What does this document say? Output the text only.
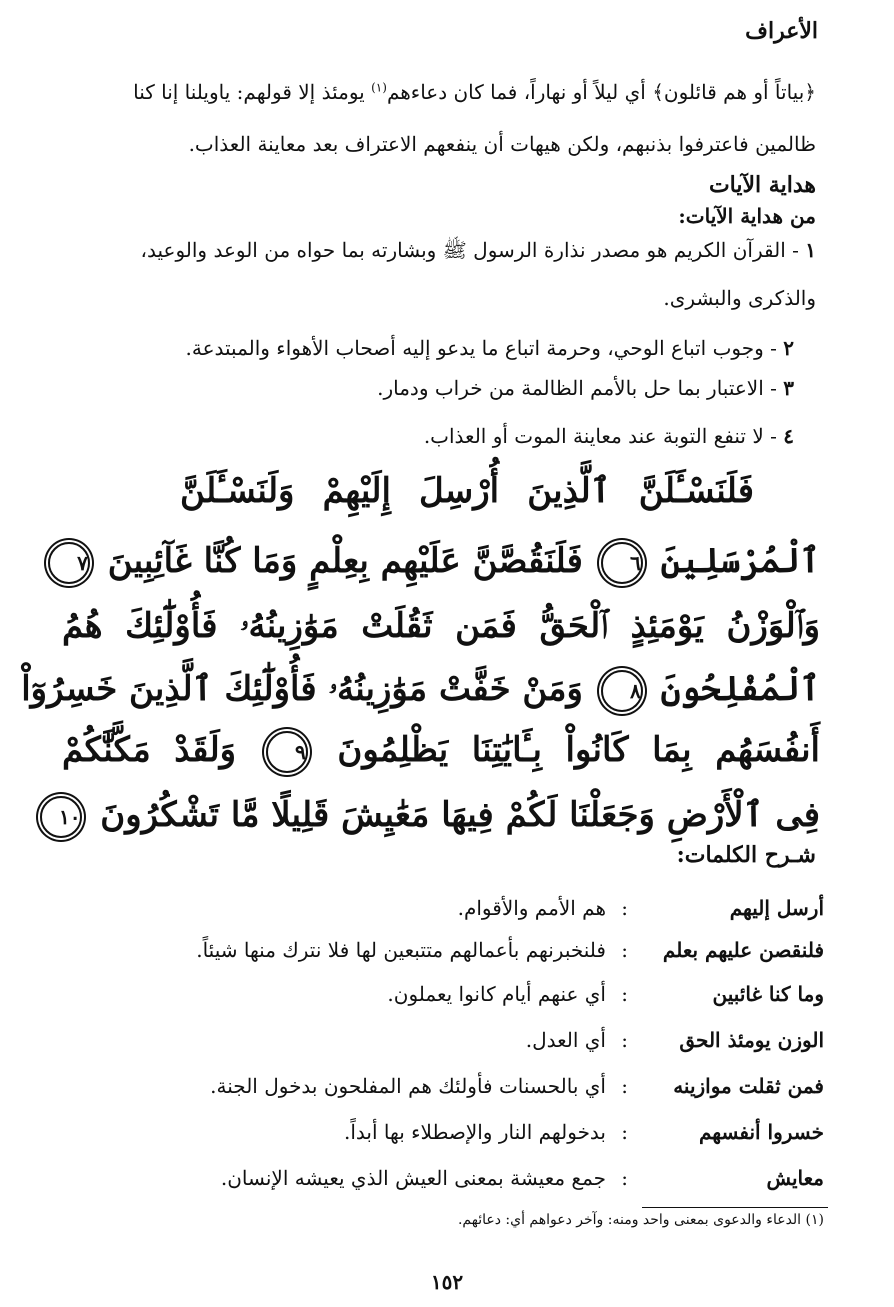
الأعراف
﴿بياتاً أو هم قائلون﴾ أي ليلاً أو نهاراً، فما كان دعاءهم$^{(١)}$ يومئذ إلا قولهم: ياويلنا إنا كنا
ظالمين فاعترفوا بذنبهم، ولكن هيهات أن ينفعهم الاعتراف بعد معاينة العذاب.
هداية الآيات
من هداية الآيات:
١ - القرآن الكريم هو مصدر نذارة الرسول ﷺ وبشارته بما حواه من الوعد والوعيد،
والذكرى والبشرى.
٢ - وجوب اتباع الوحي، وحرمة اتباع ما يدعو إليه أصحاب الأهواء والمبتدعة.
٣ - الاعتبار بما حل بالأمم الظالمة من خراب ودمار.
٤ - لا تنفع التوبة عند معاينة الموت أو العذاب.
فَلَنَسْـَٔلَنَّ ٱلَّذِينَ أُرْسِلَ إِلَيْهِمْ وَلَنَسْـَٔلَنَّ
ٱلْمُرْسَلِينَ ٦ فَلَنَقُصَّنَّ عَلَيْهِم بِعِلْمٍ وَمَا كُنَّا غَآئِبِينَ ٧
وَٱلْوَزْنُ يَوْمَئِذٍ ٱلْحَقُّ فَمَن ثَقُلَتْ مَوَٰزِينُهُۥ فَأُوْلَٰٓئِكَ هُمُ
ٱلْمُفْلِحُونَ ٨ وَمَنْ خَفَّتْ مَوَٰزِينُهُۥ فَأُوْلَٰٓئِكَ ٱلَّذِينَ خَسِرُوٓاْ
أَنفُسَهُم بِمَا كَانُواْ بِـَٔايَٰتِنَا يَظْلِمُونَ ٩ وَلَقَدْ مَكَّنَّٰكُمْ
فِى ٱلْأَرْضِ وَجَعَلْنَا لَكُمْ فِيهَا مَعَٰيِشَ قَلِيلًا مَّا تَشْكُرُونَ ١٠
شـرح الكلمات:
أرسل إليهم
:
هم الأمم والأقوام.
فلنقصن عليهم بعلم
:
فلنخبرنهم بأعمالهم متتبعين لها فلا نترك منها شيئاً.
وما كنا غائبين
:
أي عنهم أيام كانوا يعملون.
الوزن يومئذ الحق
:
أي العدل.
فمن ثقلت موازينه
:
أي بالحسنات فأولئك هم المفلحون بدخول الجنة.
خسروا أنفسهم
:
بدخولهم النار والإصطلاء بها أبداً.
معايش
:
جمع معيشة بمعنى العيش الذي يعيشه الإنسان.
(١) الدعاء والدعوى بمعنى واحد ومنه: وآخر دعواهم أي: دعائهم.
١٥٢
